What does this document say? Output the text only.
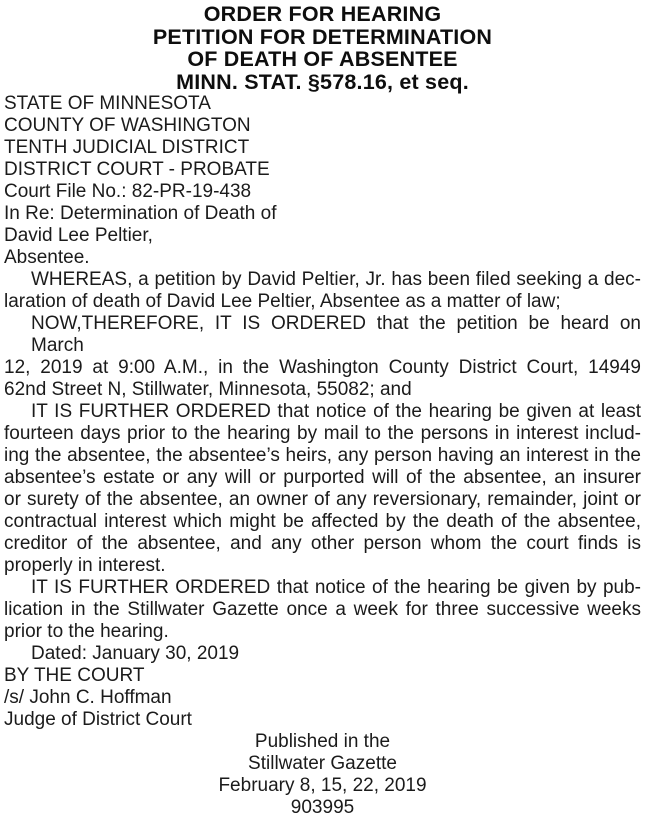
ORDER FOR HEARING
PETITION FOR DETERMINATION
OF DEATH OF ABSENTEE
MINN. STAT. §578.16, et seq.
STATE OF MINNESOTA
COUNTY OF WASHINGTON
TENTH JUDICIAL DISTRICT
DISTRICT COURT - PROBATE
Court File No.: 82-PR-19-438
In Re: Determination of Death of
David Lee Peltier,
Absentee.
WHEREAS, a petition by David Peltier, Jr. has been filed seeking a dec-
laration of death of David Lee Peltier, Absentee as a matter of law;
NOW,THEREFORE, IT IS ORDERED that the petition be heard on March
12, 2019 at 9:00 A.M., in the Washington County District Court, 14949
62nd Street N, Stillwater, Minnesota, 55082; and
IT IS FURTHER ORDERED that notice of the hearing be given at least
fourteen days prior to the hearing by mail to the persons in interest includ-
ing the absentee, the absentee’s heirs, any person having an interest in the
absentee’s estate or any will or purported will of the absentee, an insurer
or surety of the absentee, an owner of any reversionary, remainder, joint or
contractual interest which might be affected by the death of the absentee,
creditor of the absentee, and any other person whom the court finds is
properly in interest.
IT IS FURTHER ORDERED that notice of the hearing be given by pub-
lication in the Stillwater Gazette once a week for three successive weeks
prior to the hearing.
Dated: January 30, 2019
BY THE COURT
/s/ John C. Hoffman
Judge of District Court
Published in the
Stillwater Gazette
February 8, 15, 22, 2019
903995
